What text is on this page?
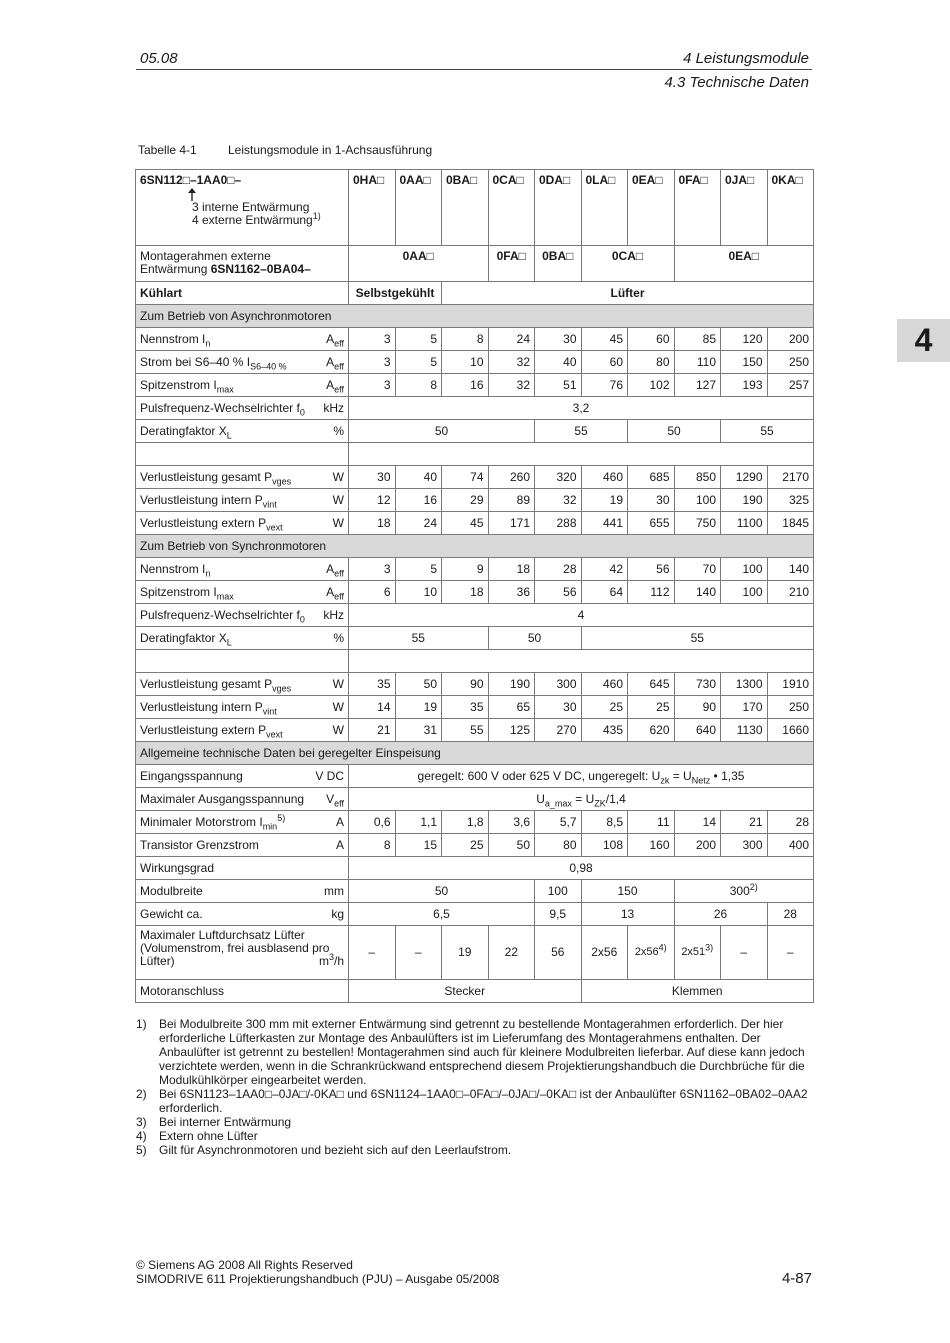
05.08	4 Leistungsmodule
4.3 Technische Daten
4
Tabelle 4-1	Leistungsmodule in 1-Achsausführung
6SN112□–1AA0□–
3 interne Entwärmung
4 externe Entwärmung$^{1)}$	0HA□	0AA□	0BA□	0CA□	0DA□	0LA□	0EA□	0FA□	0JA□	0KA□

Montagerahmen externe
Entwärmung 6SN1162–0BA04–	0AA□			0FA□	0BA□	0CA□		0EA□		
Kühlart	Selbstgekühlt		Lüfter							
Zum Betrieb von Asynchronmotoren										

Nennstrom $I_n$ $A_{eff}$	3	5	8	24	30	45	60	85	120	200

Strom bei S6–40 % $I_{S6-40 \%}$ $A_{eff}$	3	5	10	32	40	60	80	110	150	250

Spitzenstrom $I_{max}$ $A_{eff}$	3	8	16	32	51	76	102	127	193	257

Pulsfrequenz-Wechselrichter $f_0$ kHz	3,2									

Deratingfaktor $X_L$ %	50				55		50		55	

Verlustleistung gesamt $P_{vges}$ W	30	40	74	260	320	460	685	850	1290	2170

Verlustleistung intern $P_{vint}$ W	12	16	29	89	32	19	30	100	190	325

Verlustleistung extern $P_{vext}$ W	18	24	45	171	288	441	655	750	1100	1845
Zum Betrieb von Synchronmotoren										

Nennstrom $I_n$ $A_{eff}$	3	5	9	18	28	42	56	70	100	140

Spitzenstrom $I_{max}$ $A_{eff}$	6	10	18	36	56	64	112	140	100	210

Pulsfrequenz-Wechselrichter $f_0$ kHz	4									

Deratingfaktor $X_L$ %	55			50		55				

Verlustleistung gesamt $P_{vges}$ W	35	50	90	190	300	460	645	730	1300	1910

Verlustleistung intern $P_{vint}$ W	14	19	35	65	30	25	25	90	170	250

Verlustleistung extern $P_{vext}$ W	21	31	55	125	270	435	620	640	1130	1660
Allgemeine technische Daten bei geregelter Einspeisung										

Eingangsspannung V DC	geregelt: 600 V oder 625 V DC, ungeregelt: $U_{zk} = U_{Netz}$ • 1,35									

Maximaler Ausgangsspannung $V_{eff}$	$U_{a\_max} = U_{ZK}/1,4$									

Minimaler Motorstrom $I_{min}^{5)}$ A	0,6	1,1	1,8	3,6	5,7	8,5	11	14	21	28

Transistor Grenzstrom A	8	15	25	50	80	108	160	200	300	400
Wirkungsgrad	0,98									

Modulbreite mm	50				100	150		300$^{2)}$

Gewicht ca. kg	6,5				9,5	13		26		28

Maximaler Luftdurchsatz Lüfter
(Volumenstrom, frei ausblasend pro
Lüfter) $m^3/h$	–	–	19	22	56	2x56	2x56$^{4)}$	2x51$^{3)}$	–	–
Motoranschluss	Stecker					Klemmen				
1)	Bei Modulbreite 300 mm mit externer Entwärmung sind getrennt zu bestellende Montagerahmen erforderlich. Der hier erforderliche Lüfterkasten zur Montage des Anbaulüfters ist im Lieferumfang des Montagerahmens enthalten. Der Anbaulüfter ist getrennt zu bestellen! Montagerahmen sind auch für kleinere Modulbreiten lieferbar. Auf diese kann jedoch verzichtete werden, wenn in die Schrankrückwand entsprechend diesem Projektierungshandbuch die Durchbrüche für die Modulkühlkörper eingearbeitet werden.
2)	Bei 6SN1123–1AA0□–0JA□/-0KA□ und 6SN1124–1AA0□–0FA□/–0JA□/–0KA□ ist der Anbaulüfter 6SN1162–0BA02–0AA2 erforderlich.
3)	Bei interner Entwärmung
4)	Extern ohne Lüfter
5)	Gilt für Asynchronmotoren und bezieht sich auf den Leerlaufstrom.
© Siemens AG 2008 All Rights Reserved
SIMODRIVE 611 Projektierungshandbuch (PJU) – Ausgabe 05/2008	4-87
